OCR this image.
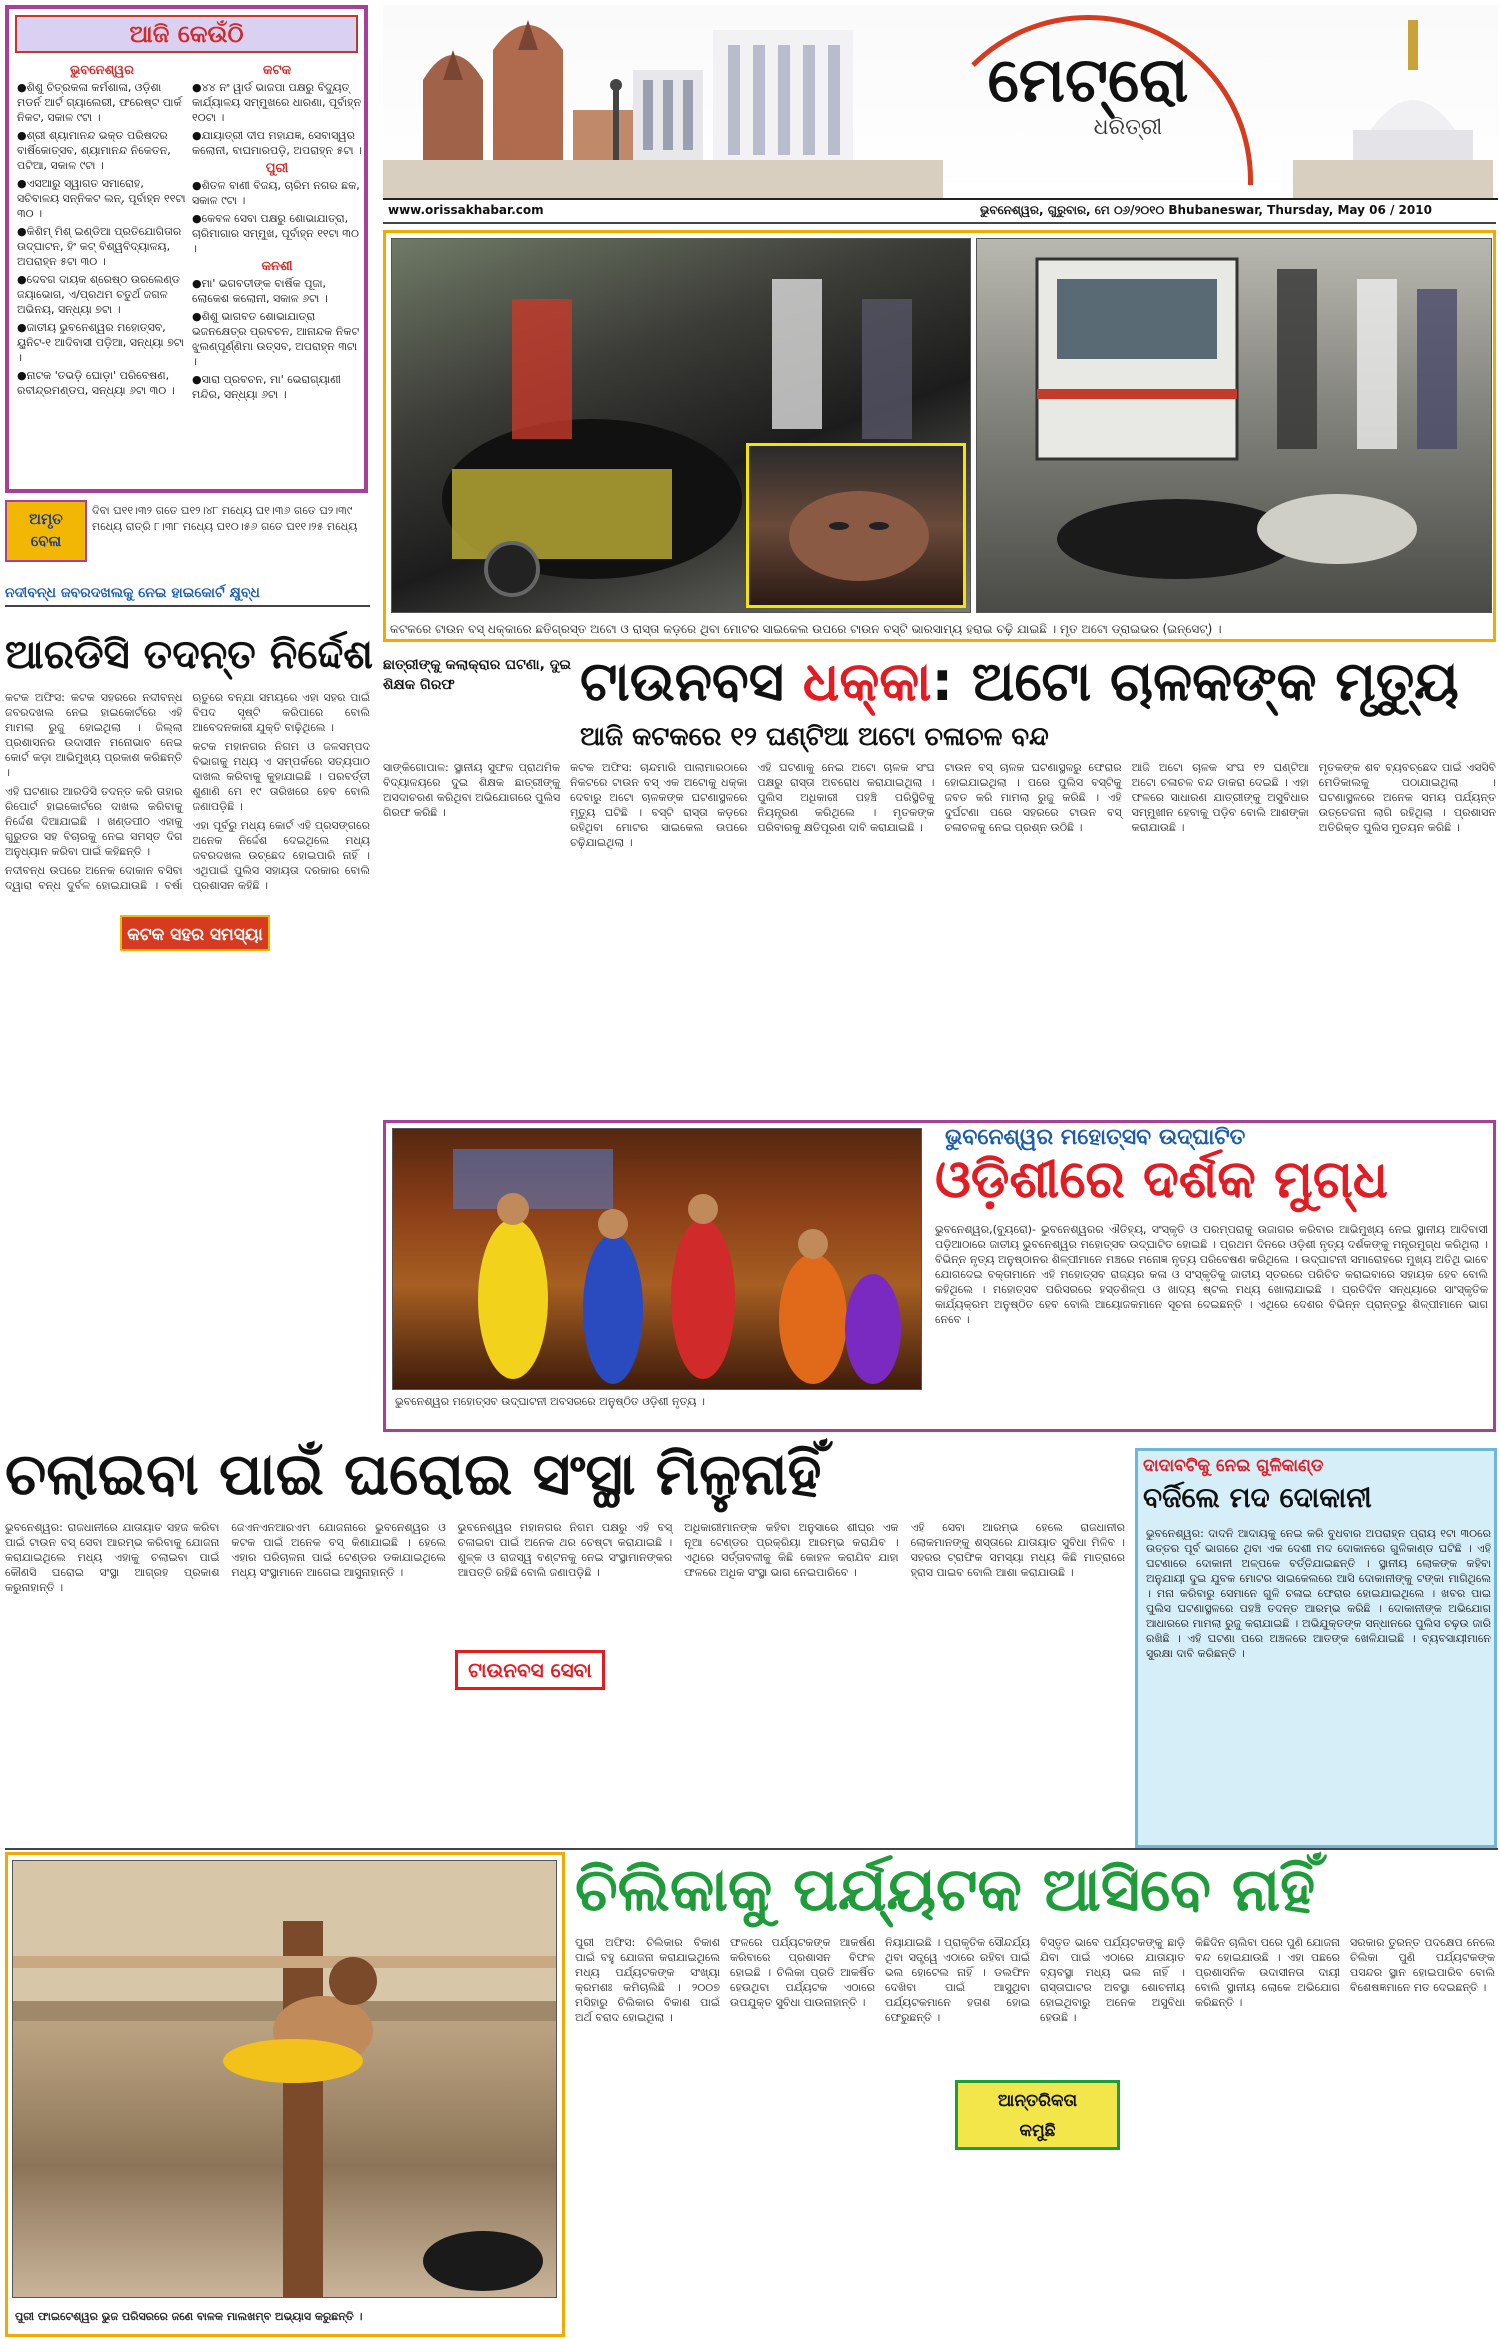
ଆଜି କେଉଁଠି
ଭୁବନେଶ୍ୱର
●ଶିଶୁ ଚିତ୍ରକଳା କର୍ମଶାଳା, ଓଡ଼ିଶା ମଡର୍ନ ଆର୍ଟ ଗ୍ୟାଲେରୀ, ଫରେଷ୍ଟ ପାର୍କ ନିକଟ, ସକାଳ ୯ଟା ।
●ଶ୍ରୀ ଶ୍ୟାମାନନ୍ଦ ଭକ୍ତ ପରିଷଦର ବାର୍ଷିକୋତ୍ସବ, ଶ୍ୟାମାନନ୍ଦ ନିକେତନ, ପଟିଆ, ସକାଳ ୯ଟା ।
●ଏସଆରୁ ସ୍ୱାଗତ ସମାରୋହ, ସଚିବାଳୟ ସନ୍ନିକଟ ଲନ୍, ପୂର୍ବାହ୍ନ ୧୧ଟା ୩୦ ।
●କିଶିମ୍ ମିଶ୍ ଇଣ୍ଡିଆ ପ୍ରତିଯୋଗିତାର ଉଦ୍‌ଘାଟନ, ହିଂ କଟ୍ ବିଶ୍ୱବିଦ୍ୟାଳୟ, ଅପରାହ୍ନ ୫ଟା ୩୦ ।
●ଦେବଗ ଦାୟକ ଶ୍ରେଷ୍ଠ ଉରଲେଣ୍ଡ ଜୟାଭୋଗ, ଏ/ପ୍ରଥମ ଚତୁର୍ଥ ଜଗଳ ଅଭିନୟ, ସନ୍ଧ୍ୟା ୭ଟା ।
●ଜାତୀୟ ଭୁବନେଶ୍ୱର ମହୋତ୍ସବ, ୟୁନିଟ-୧ ଆଦିବାସୀ ପଡ଼ିଆ, ସନ୍ଧ୍ୟା ୭ଟା ।
●ନାଟକ 'ତଭଡ଼ି ଘୋଡ଼ା' ପରିବେଷଣ, ରବୀନ୍ଦ୍ରମଣ୍ଡପ, ସନ୍ଧ୍ୟା ୬ଟା ୩୦ ।
କଟକ
●୪୪ ନଂ ୱାର୍ଡ ଭାଜପା ପକ୍ଷରୁ ବିଦ୍ୟୁତ୍ କାର୍ଯ୍ୟାଳୟ ସମ୍ମୁଖରେ ଧାରଣା, ପୂର୍ବାହ୍ନ ୧୦ଟା ।
●ଯାୟାତ୍ରୀ ଦୀପ ମହାଯଜ୍ଞ, ସେବାସ୍ୱର କଲୋନୀ, ବାଘମାରପଡ଼ି, ଅପରାହ୍ନ ୫ଟା ।
ପୁରୀ
●ଶିତଳ ବାଣୀ ବିଜୟ, ଚାରିମ ନଗର ଛକ, ସକାଳ ୯ଟା ।
●କେବଳ ସେବା ପକ୍ଷରୁ ଶୋଭାଯାତ୍ରା, ଚାରିମାଗାର ସମ୍ମୁଖ, ପୂର୍ବାହ୍ନ ୧୧ଟା ୩୦ ।
କନଶୀ
●ମା' ଭଗବତୀଙ୍କ ବାର୍ଷିକ ପୂଜା, ଲୋକେଶ କଲୋନୀ, ସକାଳ ୬ଟା ।
●ଶିଶୁ ଭାଗବତ ଶୋଭାଯାତ୍ରା ଭଜନକ୍ଷେତ୍ର ପ୍ରବଚନ, ଆନାନ୍ଦକ ନିକଟ ଝୁଲଣ୍‌ପୂର୍ଣ୍ଣିମା ଉତ୍ସବ, ଅପରାହ୍ନ ୩ଟା ।
●ସାରା ପ୍ରବଚନ, ମା' ଭେରାଗ୍ୟାଣୀ ମନ୍ଦିର, ସନ୍ଧ୍ୟା ୬ଟା ।
ଅମୃତ
ବେଳା
ଦିବା ଘ୧୧।୩୨ ଗତେ ଘ୧୨।୪୮ ମଧ୍ୟେ ଘ୧।୩୬ ଗତେ ଘ୨।୩୯ ମଧ୍ୟେ ରାତ୍ରି ୮।୩୮ ମଧ୍ୟେ ଘ୧୦।୫୬ ଗତେ ଘ୧୧।୨୫ ମଧ୍ୟେ
ମେଟ୍ରୋ
ଧରିତ୍ରୀ
www.orissakhabar.com	ଭୁବନେଶ୍ୱର, ଗୁରୁବାର, ମେ ୦୬/୨୦୧୦ Bhubaneswar, Thursday, May 06 / 2010
କଟକରେ ଟାଉନ ବସ୍ ଧକ୍କାରେ ଛତିଗ୍ରସ୍ତ ଅଟୋ ଓ ରାସ୍ତା କଡ଼ରେ ଥିବା ମୋଟର ସାଇକେଲ ଉପରେ ଟାଉନ ବସ୍‌ଟି ଭାରସାମ୍ୟ ହରାଇ ଚଢ଼ି ଯାଇଛି । ମୃତ ଅଟୋ ଡ୍ରାଇଭର (ଇନ୍‌ସେଟ୍) ।
ନଦୀବନ୍ଧ ଜବରଦଖଲକୁ ନେଇ ହାଇକୋର୍ଟ କ୍ଷୁବ୍ଧ
ଆରଡିସି ତଦନ୍ତ ନିର୍ଦ୍ଦେଶ

କଟକ ଅଫିସ: କଟକ ସହରରେ ନଦୀବନ୍ଧ ଜବରଦଖଲ ନେଇ ହାଇକୋର୍ଟରେ ଏହି ମାମଲା ରୁଜୁ ହୋଇଥିଲା । ଜିଲ୍ଲା ପ୍ରଶାସନର ଉଦାସୀନ ମନୋଭାବ ନେଇ କୋର୍ଟ କଡ଼ା ଆଭିମୁଖ୍ୟ ପ୍ରକାଶ କରିଛନ୍ତି ।

ଏହି ଘଟଣାର ଆରଡିସି ତଦନ୍ତ କରି ତାହାର ରିପୋର୍ଟ ହାଇକୋର୍ଟରେ ଦାଖଲ କରିବାକୁ ନିର୍ଦ୍ଦେଶ ଦିଆଯାଇଛି । ଖଣ୍ଡପୀଠ ଏହାକୁ ଗୁରୁତର ସହ ବିଚାରକୁ ନେଇ ସମସ୍ତ ଦିଗ ଅନୁଧ୍ୟାନ କରିବା ପାଇଁ କହିଛନ୍ତି ।

ନଦୀବନ୍ଧ ଉପରେ ଅନେକ ଦୋକାନ ବସିବା ଦ୍ୱାରା ବନ୍ଧ ଦୁର୍ବଳ ହୋଇଯାଉଛି । ବର୍ଷା ଋତୁରେ ବନ୍ଯା ସମୟରେ ଏହା ସହର ପାଇଁ ବିପଦ ସୃଷ୍ଟି କରିପାରେ ବୋଲି ଆବେଦନକାରୀ ଯୁକ୍ତି ବାଢ଼ିଥିଲେ ।

କଟକ ମହାନଗର ନିଗମ ଓ ଜଳସମ୍ପଦ ବିଭାଗକୁ ମଧ୍ୟ ଏ ସମ୍ପର୍କରେ ସତ୍ୟପାଠ ଦାଖଲ କରିବାକୁ କୁହାଯାଇଛି । ପରବର୍ତ୍ତୀ ଶୁଣାଣି ମେ ୧୯ ତାରିଖରେ ହେବ ବୋଲି ଜଣାପଡ଼ିଛି ।

ଏହା ପୂର୍ବରୁ ମଧ୍ୟ କୋର୍ଟ ଏହି ପ୍ରସଙ୍ଗରେ ଅନେକ ନିର୍ଦ୍ଦେଶ ଦେଇଥିଲେ ମଧ୍ୟ ଜବରଦଖଲ ଉଚ୍ଛେଦ ହୋଇପାରି ନାହିଁ । ଏଥିପାଇଁ ପୁଲିସ ସହାୟତା ଦରକାର ବୋଲି ପ୍ରଶାସନ କହିଛି ।

କଟକ ସହର ସମସ୍ୟା
ଛାତ୍ରୀଙ୍କୁ କଲାକ୍ରାର ଘଟଣା, ଦୁଇ ଶିକ୍ଷକ ଗିରଫ	ଟାଉନବସ ଧକ୍କା: ଅଟୋ ଚାଳକଙ୍କ ମୃତ୍ୟୁ
ଆଜି କଟକରେ ୧୨ ଘଣ୍ଟିଆ ଅଟୋ ଚଳାଚଳ ବନ୍ଦ

ସାଙ୍କିଗୋପାଳ: ସ୍ଥାନୀୟ ସୁଫଳ ପ୍ରାଥମିକ ବିଦ୍ୟାଳୟରେ ଦୁଇ ଶିକ୍ଷକ ଛାତ୍ରୀଙ୍କୁ ଅସଦାଚରଣ କରିଥିବା ଅଭିଯୋଗରେ ପୁଲିସ ଗିରଫ କରିଛି ।

କଟକ ଅଫିସ: ଚାନ୍ଦମାରି ପାଲାମାରଠାରେ ନିକଟରେ ଟାଉନ ବସ୍ ଏକ ଅଟୋକୁ ଧକ୍କା ଦେବାରୁ ଅଟୋ ଚାଳକଙ୍କ ଘଟଣାସ୍ଥଳରେ ମୃତ୍ୟୁ ଘଟିଛି । ବସ୍‌ଟି ରାସ୍ତା କଡ଼ରେ ରହିଥିବା ମୋଟର ସାଇକେଲ ଉପରେ ଚଢ଼ିଯାଇଥିଲା ।

ଏହି ଘଟଣାକୁ ନେଇ ଅଟୋ ଚାଳକ ସଂଘ ପକ୍ଷରୁ ରାସ୍ତା ଅବରୋଧ କରାଯାଇଥିଲା । ପୁଲିସ ଅଧିକାରୀ ପହଞ୍ଚି ପରିସ୍ଥିତିକୁ ନିୟନ୍ତ୍ରଣ କରିଥିଲେ । ମୃତକଙ୍କ ପରିବାରକୁ କ୍ଷତିପୂରଣ ଦାବି କରାଯାଇଛି ।

ଟାଉନ ବସ୍ ଚାଳକ ଘଟଣାସ୍ଥଳରୁ ଫେରାର ହୋଇଯାଇଥିଲା । ପରେ ପୁଲିସ ବସ୍‌ଟିକୁ ଜବତ କରି ମାମଲା ରୁଜୁ କରିଛି । ଏହି ଦୁର୍ଘଟଣା ପରେ ସହରରେ ଟାଉନ ବସ୍ ଚଳାଚଳକୁ ନେଇ ପ୍ରଶ୍ନ ଉଠିଛି ।

ଆଜି ଅଟୋ ଚାଳକ ସଂଘ ୧୨ ଘଣ୍ଟିଆ ଅଟୋ ଚଳାଚଳ ବନ୍ଦ ଡାକରା ଦେଇଛି । ଏହା ଫଳରେ ସାଧାରଣ ଯାତ୍ରୀଙ୍କୁ ଅସୁବିଧାର ସମ୍ମୁଖୀନ ହେବାକୁ ପଡ଼ିବ ବୋଲି ଆଶଙ୍କା କରାଯାଉଛି ।

ମୃତକଙ୍କ ଶବ ବ୍ୟବଚ୍ଛେଦ ପାଇଁ ଏସସିବି ମେଡିକାଲକୁ ପଠାଯାଇଥିଲା । ଘଟଣାସ୍ଥଳରେ ଅନେକ ସମୟ ପର୍ଯ୍ୟନ୍ତ ଉତ୍ତେଜନା ଲାଗି ରହିଥିଲା । ପ୍ରଶାସନ ଅତିରିକ୍ତ ପୁଲିସ ମୁତୟନ କରିଛି ।

ଭୁବନେଶ୍ୱର ମହୋତ୍ସବ ଉଦ୍‌ଘାଟନୀ ଅବସରରେ ଅନୁଷ୍ଠିତ ଓଡ଼ିଶୀ ନୃତ୍ୟ ।
ଭୁବନେଶ୍ୱର ମହୋତ୍ସବ ଉଦ୍‌ଘାଟିତ
ଓଡ଼ିଶୀରେ ଦର୍ଶକ ମୁଗ୍ଧ
ଭୁବନେଶ୍ୱର,(ବ୍ୟୁରୋ)- ଭୁବନେଶ୍ୱରର ଐତିହ୍ୟ, ସଂସ୍କୃତି ଓ ପରମ୍ପରାକୁ ଉଜାଗର କରିବାର ଆଭିମୁଖ୍ୟ ନେଇ ସ୍ଥାନୀୟ ଆଦିବାସୀ ପଡ଼ିଆଠାରେ ଜାତୀୟ ଭୁବନେଶ୍ୱର ମହୋତ୍ସବ ଉଦ୍‌ଘାଟିତ ହୋଇଛି । ପ୍ରଥମ ଦିନରେ ଓଡ଼ିଶୀ ନୃତ୍ୟ ଦର୍ଶକଙ୍କୁ ମନ୍ତ୍ରମୁଗ୍ଧ କରିଥିଲା । ବିଭିନ୍ନ ନୃତ୍ୟ ଅନୁଷ୍ଠାନର ଶିଳ୍ପୀମାନେ ମଞ୍ଚରେ ମନୋଜ୍ଞ ନୃତ୍ୟ ପରିବେଷଣ କରିଥିଲେ । ଉଦ୍‌ଘାଟନୀ ସମାରୋହରେ ମୁଖ୍ୟ ଅତିଥି ଭାବେ ଯୋଗଦେଇ ବକ୍ତାମାନେ ଏହି ମହୋତ୍ସବ ରାଜ୍ୟର କଳା ଓ ସଂସ୍କୃତିକୁ ଜାତୀୟ ସ୍ତରରେ ପରିଚିତ କରାଇବାରେ ସହାୟକ ହେବ ବୋଲି କହିଥିଲେ । ମହୋତ୍ସବ ପରିସରରେ ହସ୍ତଶିଳ୍ପ ଓ ଖାଦ୍ୟ ଷ୍ଟଲ ମଧ୍ୟ ଖୋଲାଯାଇଛି । ପ୍ରତିଦିନ ସନ୍ଧ୍ୟାରେ ସାଂସ୍କୃତିକ କାର୍ଯ୍ୟକ୍ରମ ଅନୁଷ୍ଠିତ ହେବ ବୋଲି ଆୟୋଜକମାନେ ସୂଚନା ଦେଇଛନ୍ତି । ଏଥିରେ ଦେଶର ବିଭିନ୍ନ ପ୍ରାନ୍ତରୁ ଶିଳ୍ପୀମାନେ ଭାଗ ନେବେ ।
ଚଲାଇବା ପାଇଁ ଘରୋଇ ସଂସ୍ଥା ମିଳୁନାହିଁ

ଭୁବନେଶ୍ୱର: ରାଜଧାନୀରେ ଯାତାୟାତ ସହଜ କରିବା ପାଇଁ ଟାଉନ ବସ୍ ସେବା ଆରମ୍ଭ କରିବାକୁ ଯୋଜନା କରାଯାଇଥିଲେ ମଧ୍ୟ ଏହାକୁ ଚଲାଇବା ପାଇଁ କୌଣସି ଘରୋଇ ସଂସ୍ଥା ଆଗ୍ରହ ପ୍ରକାଶ କରୁନାହାନ୍ତି ।

ଜେଏନଏନଆରଏମ ଯୋଜନାରେ ଭୁବନେଶ୍ୱର ଓ କଟକ ପାଇଁ ଅନେକ ବସ୍ କିଣାଯାଇଛି । ହେଲେ ଏହାର ପରିଚାଳନା ପାଇଁ ଟେଣ୍ଡର ଡକାଯାଇଥିଲେ ମଧ୍ୟ ସଂସ୍ଥାମାନେ ଆଗେଇ ଆସୁନାହାନ୍ତି ।

ଭୁବନେଶ୍ୱର ମହାନଗର ନିଗମ ପକ୍ଷରୁ ଏହି ବସ୍ ଚଳାଇବା ପାଇଁ ଅନେକ ଥର ଚେଷ୍ଟା କରାଯାଇଛି । ଶୁଳ୍କ ଓ ରାଜସ୍ୱ ବଣ୍ଟନକୁ ନେଇ ସଂସ୍ଥାମାନଙ୍କର ଆପତ୍ତି ରହିଛି ବୋଲି ଜଣାପଡ଼ିଛି ।

ଅଧିକାରୀମାନଙ୍କ କହିବା ଅନୁସାରେ ଶୀଘ୍ର ଏକ ନୂଆ ଟେଣ୍ଡର ପ୍ରକ୍ରିୟା ଆରମ୍ଭ କରାଯିବ । ଏଥିରେ ସର୍ତ୍ତାବଳୀକୁ କିଛି କୋହଳ କରାଯିବ ଯାହା ଫଳରେ ଅଧିକ ସଂସ୍ଥା ଭାଗ ନେଇପାରିବେ ।

ଏହି ସେବା ଆରମ୍ଭ ହେଲେ ରାଜଧାନୀର ଲୋକମାନଙ୍କୁ ଶସ୍ତାରେ ଯାତାୟାତ ସୁବିଧା ମିଳିବ । ସହରର ଟ୍ରାଫିକ ସମସ୍ୟା ମଧ୍ୟ କିଛି ମାତ୍ରାରେ ହ୍ରାସ ପାଇବ ବୋଲି ଆଶା କରାଯାଉଛି ।

ଟାଉନବସ ସେବା
ଦାଦାବଟିକୁ ନେଇ ଗୁଳିକାଣ୍ଡ
ବର୍ଜିଲେ ମଦ ଦୋକାନୀ
ଭୁବନେଶ୍ୱର: ଦାଦନି ଆଦାୟକୁ ନେଇ କରି ବୁଧବାର ଅପରାହ୍ନ ପ୍ରାୟ ୧ଟା ୩୦ରେ ଉତ୍ତର ପୂର୍ବ ଭାଗରେ ଥିବା ଏକ ଦେଶୀ ମଦ ଦୋକାନରେ ଗୁଳିକାଣ୍ଡ ଘଟିଛି । ଏହି ଘଟଣାରେ ଦୋକାନୀ ଅଳ୍ପକେ ବର୍ତ୍ତିଯାଇଛନ୍ତି । ସ୍ଥାନୀୟ ଲୋକଙ୍କ କହିବା ଅନୁଯାୟୀ ଦୁଇ ଯୁବକ ମୋଟର ସାଇକେଲରେ ଆସି ଦୋକାନୀଙ୍କୁ ଟଙ୍କା ମାଗିଥିଲେ । ମନା କରିବାରୁ ସେମାନେ ଗୁଳି ଚଳାଇ ଫେରାର ହୋଇଯାଇଥିଲେ । ଖବର ପାଇ ପୁଲିସ ଘଟଣାସ୍ଥଳରେ ପହଞ୍ଚି ତଦନ୍ତ ଆରମ୍ଭ କରିଛି । ଦୋକାନୀଙ୍କ ଅଭିଯୋଗ ଆଧାରରେ ମାମଲା ରୁଜୁ କରାଯାଇଛି । ଅଭିଯୁକ୍ତଙ୍କ ସନ୍ଧାନରେ ପୁଲିସ ଚଢ଼ଉ ଜାରି ରଖିଛି । ଏହି ଘଟଣା ପରେ ଅଞ୍ଚଳରେ ଆତଙ୍କ ଖେଳିଯାଇଛି । ବ୍ୟବସାୟୀମାନେ ସୁରକ୍ଷା ଦାବି କରିଛନ୍ତି ।
ପୁରୀ ଫାଇଟେଶ୍ୱର ଭୁଜ ପରିସରରେ ଜଣେ ବାଳକ ମାଲଖମ୍ବ ଅଭ୍ୟାସ କରୁଛନ୍ତି ।
ଚିଲିକାକୁ ପର୍ଯ୍ୟଟକ ଆସିବେ ନାହିଁ

ପୁରୀ ଅଫିସ: ଚିଲିକାର ବିକାଶ ପାଇଁ ବହୁ ଯୋଜନା କରାଯାଇଥିଲେ ମଧ୍ୟ ପର୍ଯ୍ୟଟକଙ୍କ ସଂଖ୍ୟା କ୍ରମଶଃ କମିଚାଲିଛି । ୨୦୦୭ ମସିହାରୁ ଚିଲିକାର ବିକାଶ ପାଇଁ ଅର୍ଥ ବରାଦ ହୋଇଥିଲା ।

ଫଳରେ ପର୍ଯ୍ୟଟକଙ୍କ ଆକର୍ଷଣ କରିବାରେ ପ୍ରଶାସନ ବିଫଳ ହୋଇଛି । ଚିଲିକା ପ୍ରତି ଆକର୍ଷିତ ହେଉଥିବା ପର୍ଯ୍ୟଟକ ଏଠାରେ ଉପଯୁକ୍ତ ସୁବିଧା ପାଉନାହାନ୍ତି ।

ନିୟାଯାଇଛି । ପ୍ରାକୃତିକ ସୌନ୍ଦର୍ଯ୍ୟ ଥିବା ସତ୍ତ୍ୱେ ଏଠାରେ ରହିବା ପାଇଁ ଭଲ ହୋଟେଲ ନାହିଁ । ଡଲଫିନ ଦେଖିବା ପାଇଁ ଆସୁଥିବା ପର୍ଯ୍ୟଟକମାନେ ହତାଶ ହୋଇ ଫେରୁଛନ୍ତି ।

ବିସ୍ତୃତ ଭାବେ ପର୍ଯ୍ୟଟକଙ୍କୁ ଛାଡ଼ି ଯିବା ପାଇଁ ଏଠାରେ ଯାତାୟାତ ବ୍ୟବସ୍ଥା ମଧ୍ୟ ଭଲ ନାହିଁ । ରାସ୍ତାଘାଟର ଅବସ୍ଥା ଶୋଚନୀୟ ହୋଇଥିବାରୁ ଅନେକ ଅସୁବିଧା ହେଉଛି ।

କିଛିଦିନ ଚାଲିବା ପରେ ପୁଣି ଯୋଜନା ବନ୍ଦ ହୋଇଯାଉଛି । ଏହା ପଛରେ ପ୍ରଶାସନିକ ଉଦାସୀନତା ଦାୟୀ ବୋଲି ସ୍ଥାନୀୟ ଲୋକେ ଅଭିଯୋଗ କରିଛନ୍ତି ।

ସରକାର ତୁରନ୍ତ ପଦକ୍ଷେପ ନେଲେ ଚିଲିକା ପୁଣି ପର୍ଯ୍ୟଟକଙ୍କ ପସନ୍ଦର ସ୍ଥାନ ହୋଇପାରିବ ବୋଲି ବିଶେଷଜ୍ଞମାନେ ମତ ଦେଇଛନ୍ତି ।

ଆନ୍ତରିକତା
କମୁଛି
